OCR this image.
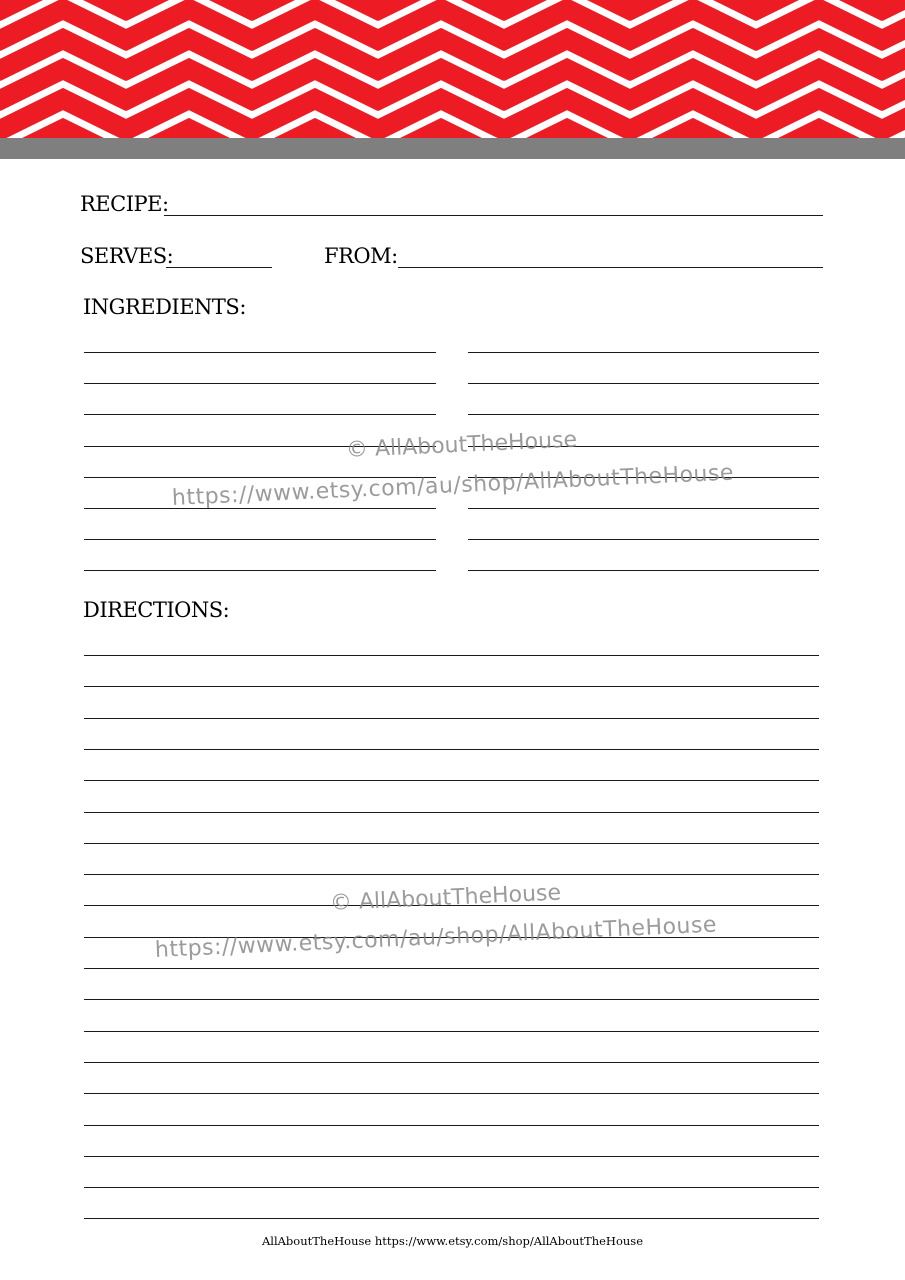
RECIPE:
SERVES:	FROM:
INGREDIENTS:
DIRECTIONS:
© AllAboutTheHouse
https://www.etsy.com/au/shop/AllAboutTheHouse
© AllAboutTheHouse
https://www.etsy.com/au/shop/AllAboutTheHouse
AllAboutTheHouse https://www.etsy.com/shop/AllAboutTheHouse
